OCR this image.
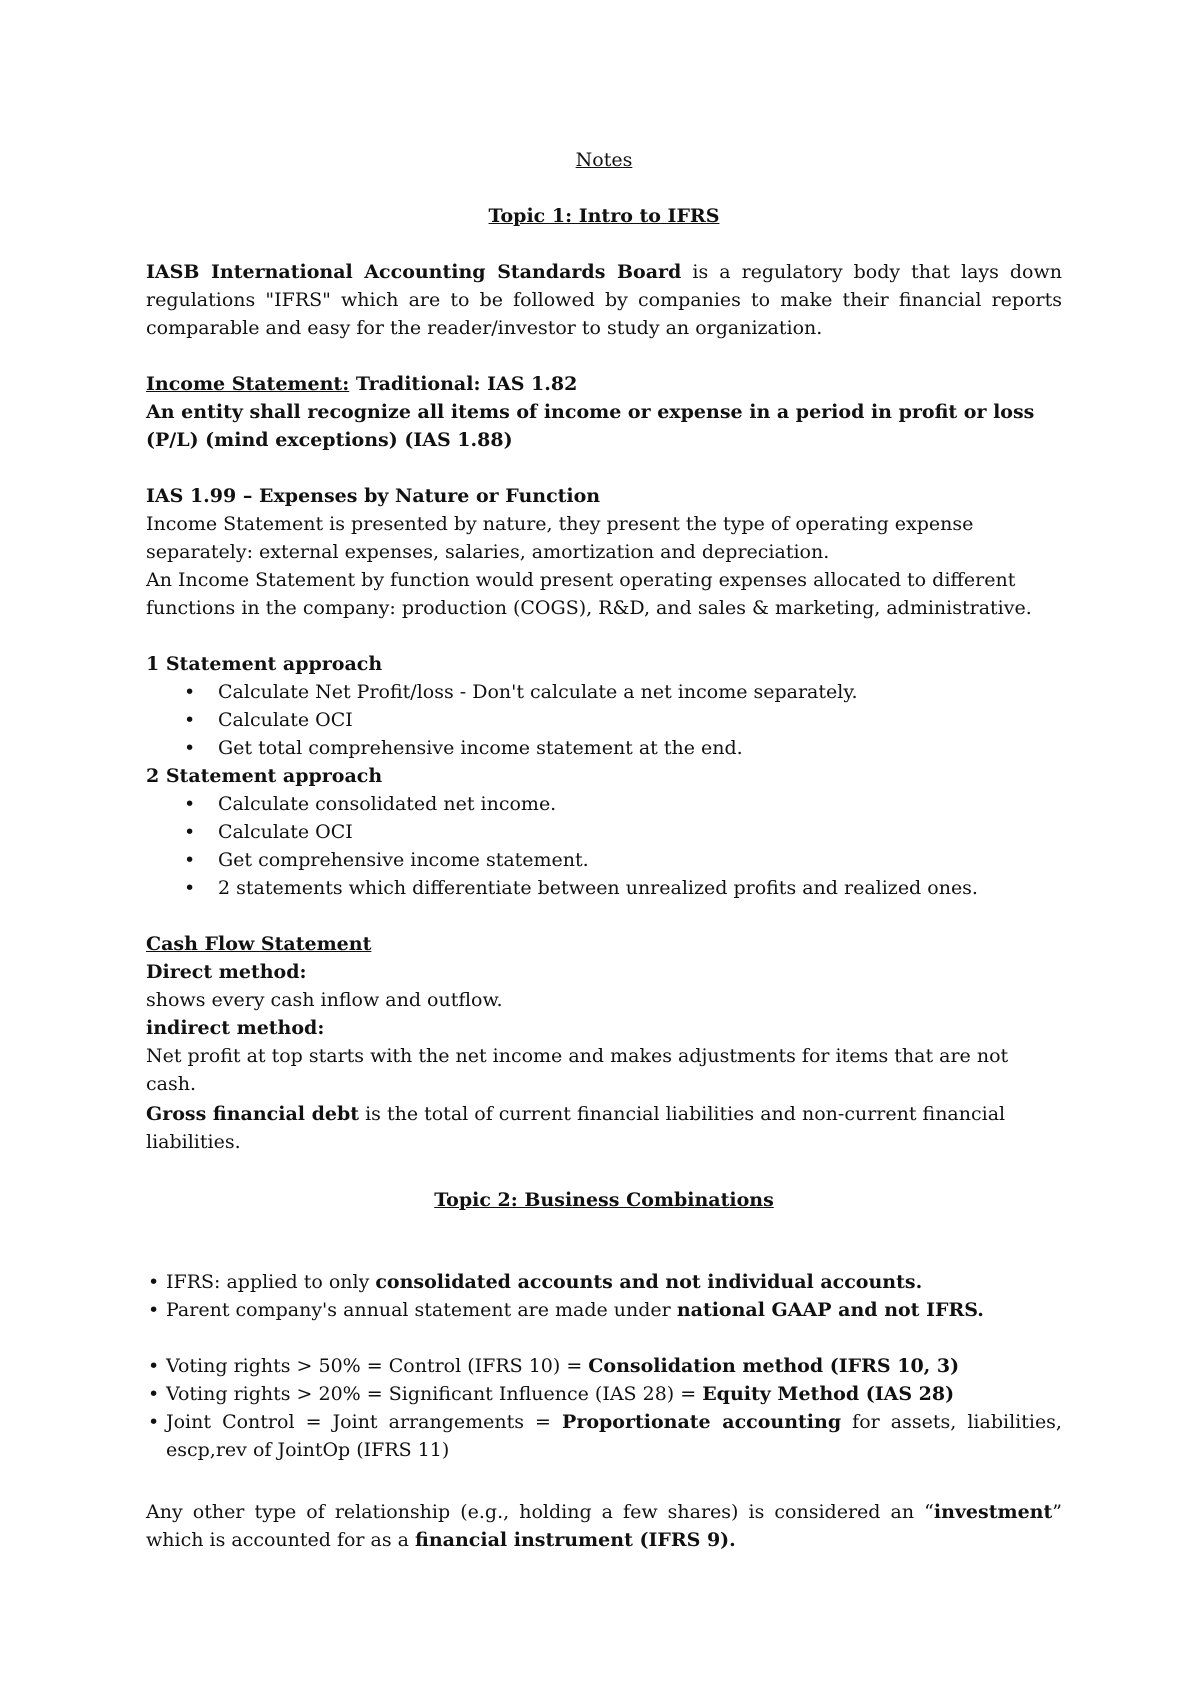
Notes
Topic 1: Intro to IFRS
IASB International Accounting Standards Board is a regulatory body that lays down regulations "IFRS" which are to be followed by companies to make their financial reports comparable and easy for the reader/investor to study an organization.
Income Statement: Traditional: IAS 1.82
An entity shall recognize all items of income or expense in a period in profit or loss (P/L) (mind exceptions) (IAS 1.88)
IAS 1.99 – Expenses by Nature or Function
Income Statement is presented by nature, they present the type of operating expense separately: external expenses, salaries, amortization and depreciation.
An Income Statement by function would present operating expenses allocated to different functions in the company: production (COGS), R&D, and sales & marketing, administrative.
1 Statement approach
• Calculate Net Profit/loss - Don't calculate a net income separately.
• Calculate OCI
• Get total comprehensive income statement at the end.
2 Statement approach
• Calculate consolidated net income.
• Calculate OCI
• Get comprehensive income statement.
• 2 statements which differentiate between unrealized profits and realized ones.
Cash Flow Statement
Direct method:
shows every cash inflow and outflow.
indirect method:
Net profit at top starts with the net income and makes adjustments for items that are not cash.
Gross financial debt is the total of current financial liabilities and non-current financial liabilities.
Topic 2: Business Combinations
• IFRS: applied to only consolidated accounts and not individual accounts.
• Parent company's annual statement are made under national GAAP and not IFRS.
• Voting rights > 50% = Control (IFRS 10) = Consolidation method (IFRS 10, 3)
• Voting rights > 20% = Significant Influence (IAS 28) = Equity Method (IAS 28)
• Joint Control = Joint arrangements = Proportionate accounting for assets, liabilities, escp,rev of JointOp (IFRS 11)
Any other type of relationship (e.g., holding a few shares) is considered an “investment” which is accounted for as a financial instrument (IFRS 9).
